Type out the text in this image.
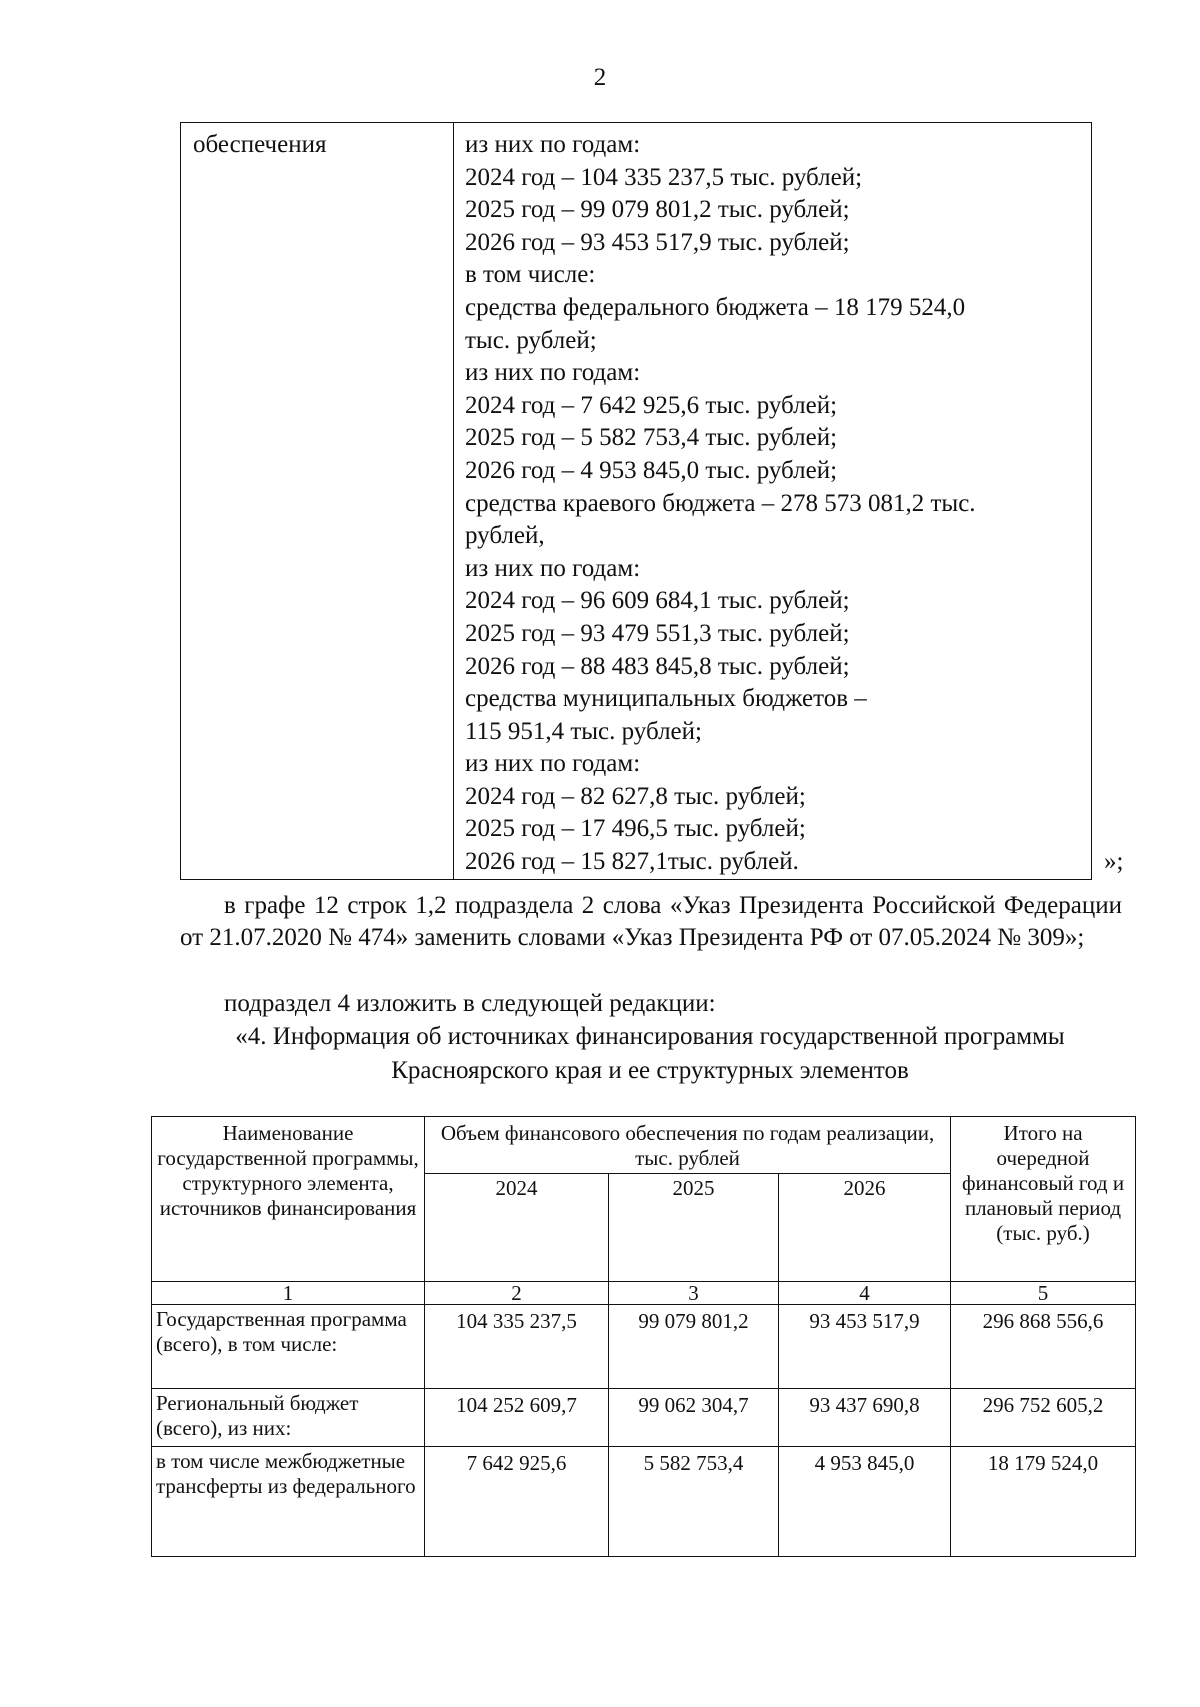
2
обеспечения	из них по годам:
2024 год – 104 335 237,5 тыс. рублей;
2025 год – 99 079 801,2 тыс. рублей;
2026 год – 93 453 517,9 тыс. рублей;
в том числе:
средства федерального бюджета – 18 179 524,0
тыс. рублей;
из них по годам:
2024 год – 7 642 925,6 тыс. рублей;
2025 год – 5 582 753,4 тыс. рублей;
2026 год – 4 953 845,0 тыс. рублей;
средства краевого бюджета – 278 573 081,2 тыс.
рублей,
из них по годам:
2024 год – 96 609 684,1 тыс. рублей;
2025 год – 93 479 551,3 тыс. рублей;
2026 год – 88 483 845,8 тыс. рублей;
средства муниципальных бюджетов –
115 951,4 тыс. рублей;
из них по годам:
2024 год – 82 627,8 тыс. рублей;
2025 год – 17 496,5 тыс. рублей;
2026 год – 15 827,1тыс. рублей.	»;
в графе 12 строк 1,2 подраздела 2 слова «Указ Президента Российской Федерации от 21.07.2020 № 474» заменить словами «Указ Президента РФ от 07.05.2024 № 309»;
подраздел 4 изложить в следующей редакции:
«4. Информация об источниках финансирования государственной программы
Красноярского края и ее структурных элементов
Наименование государственной программы, структурного элемента, источников финансирования	Объем финансового обеспечения по годам реализации, тыс. рублей			Итого на очередной финансовый год и плановый период (тыс. руб.)
	2024	2025	2026	
1	2	3	4	5
Государственная программа (всего), в том числе:	104 335 237,5	99 079 801,2	93 453 517,9	296 868 556,6
Региональный бюджет (всего), из них:	104 252 609,7	99 062 304,7	93 437 690,8	296 752 605,2
в том числе межбюджетные трансферты из федерального	7 642 925,6	5 582 753,4	4 953 845,0	18 179 524,0
